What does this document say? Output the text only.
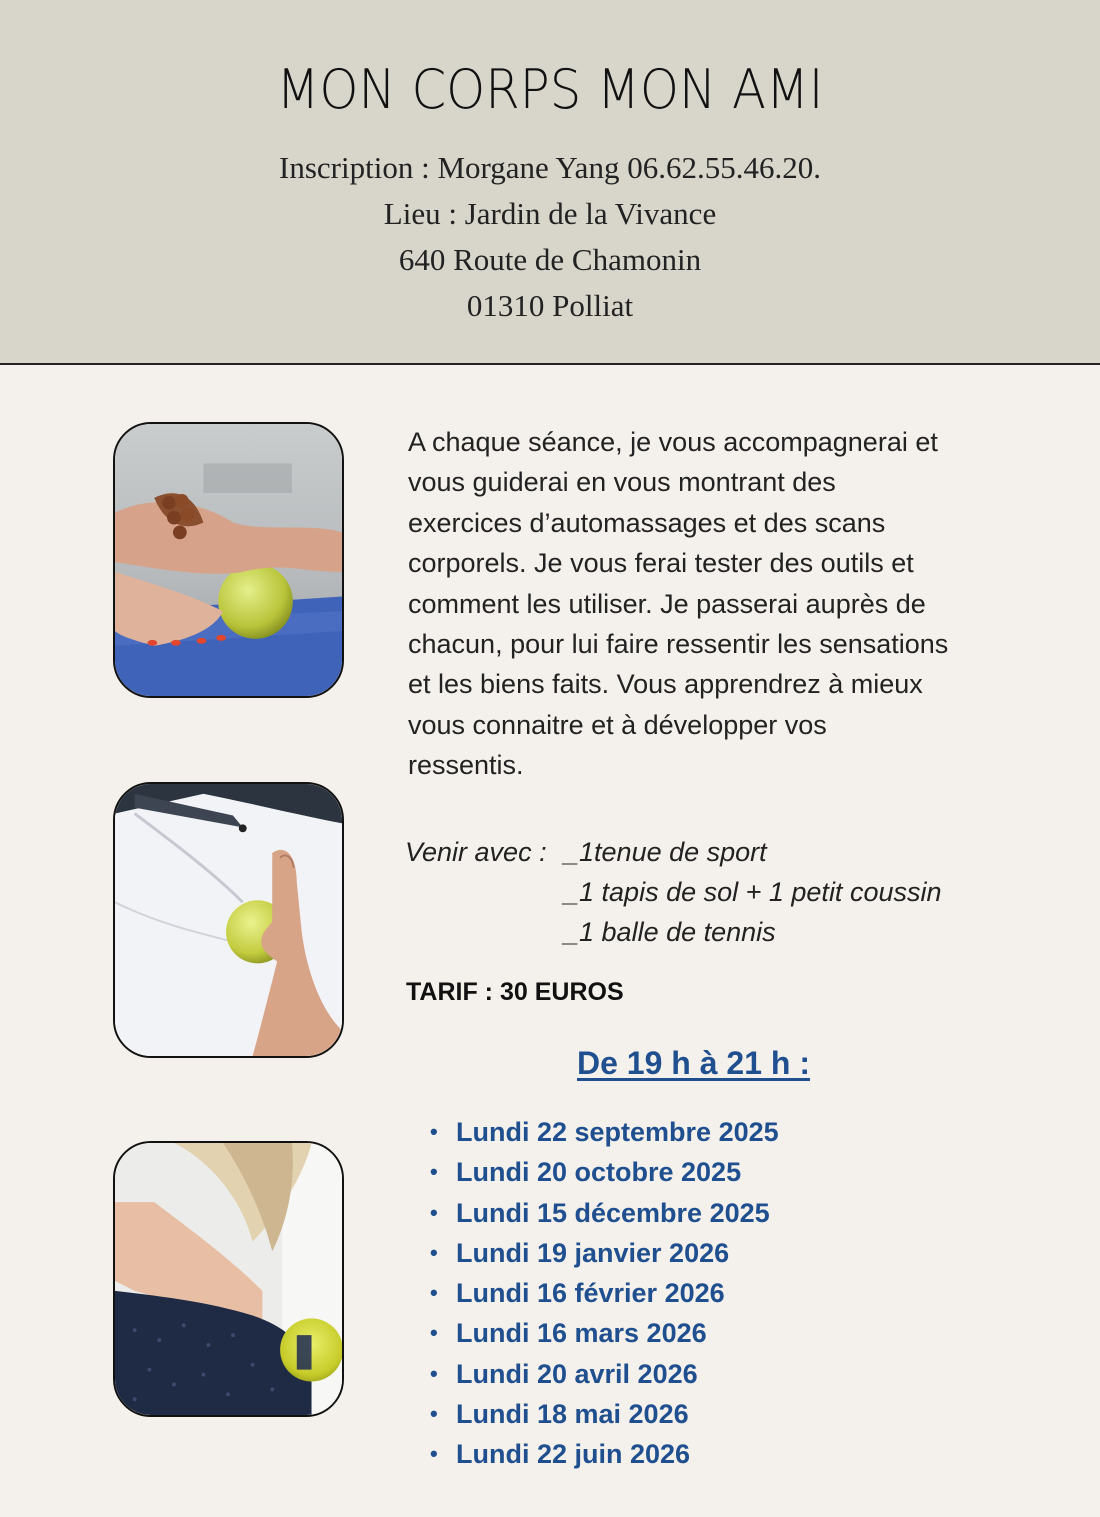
MON CORPS MON AMI
Inscription : Morgane Yang 06.62.55.46.20.
Lieu : Jardin de la Vivance
640 Route de Chamonin
01310 Polliat
A chaque séance, je vous accompagnerai et
vous guiderai en vous montrant des
exercices d’automassages et des scans
corporels. Je vous ferai tester des outils et
comment les utiliser. Je passerai auprès de
chacun, pour lui faire ressentir les sensations
et les biens faits. Vous apprendrez à mieux
vous connaitre et à développer vos
ressentis.
Venir avec : _1tenue de sport
_1 tapis de sol + 1 petit coussin
_1 balle de tennis
TARIF : 30 EUROS
De 19 h à 21 h :
• Lundi 22 septembre 2025
• Lundi 20 octobre 2025
• Lundi 15 décembre 2025
• Lundi 19 janvier 2026
• Lundi 16 février 2026
• Lundi 16 mars 2026
• Lundi 20 avril 2026
• Lundi 18 mai 2026
• Lundi 22 juin 2026
